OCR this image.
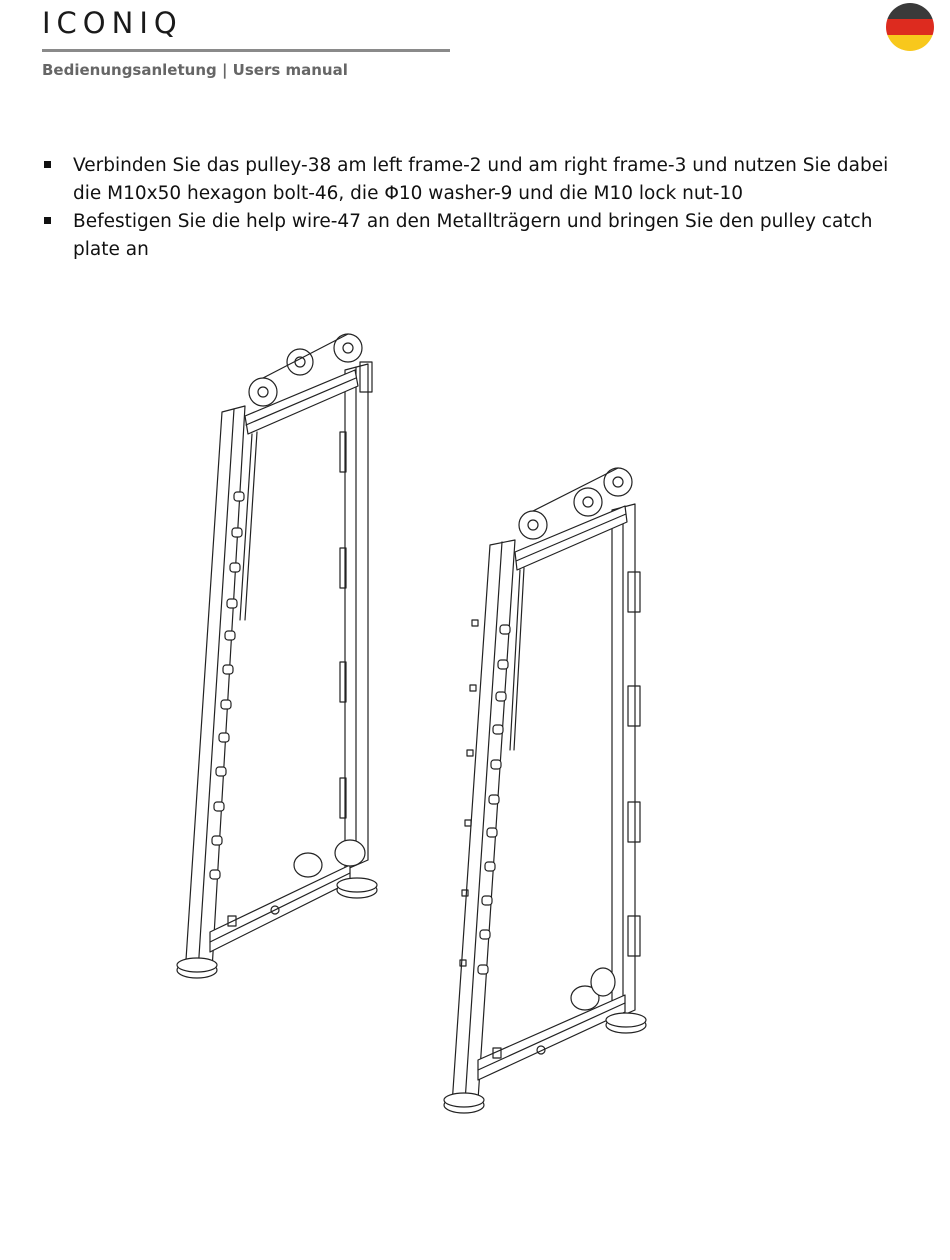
ICONIQ
Bedienungsanletung | Users manual
Verbinden Sie das pulley-38 am left frame-2 und am right frame-3 und nutzen Sie dabei die M10x50 hexagon bolt-46, die Φ10 washer-9 und die M10 lock nut-10
Befestigen Sie die help wire-47 an den Metallträgern und bringen Sie den pulley catch plate an
